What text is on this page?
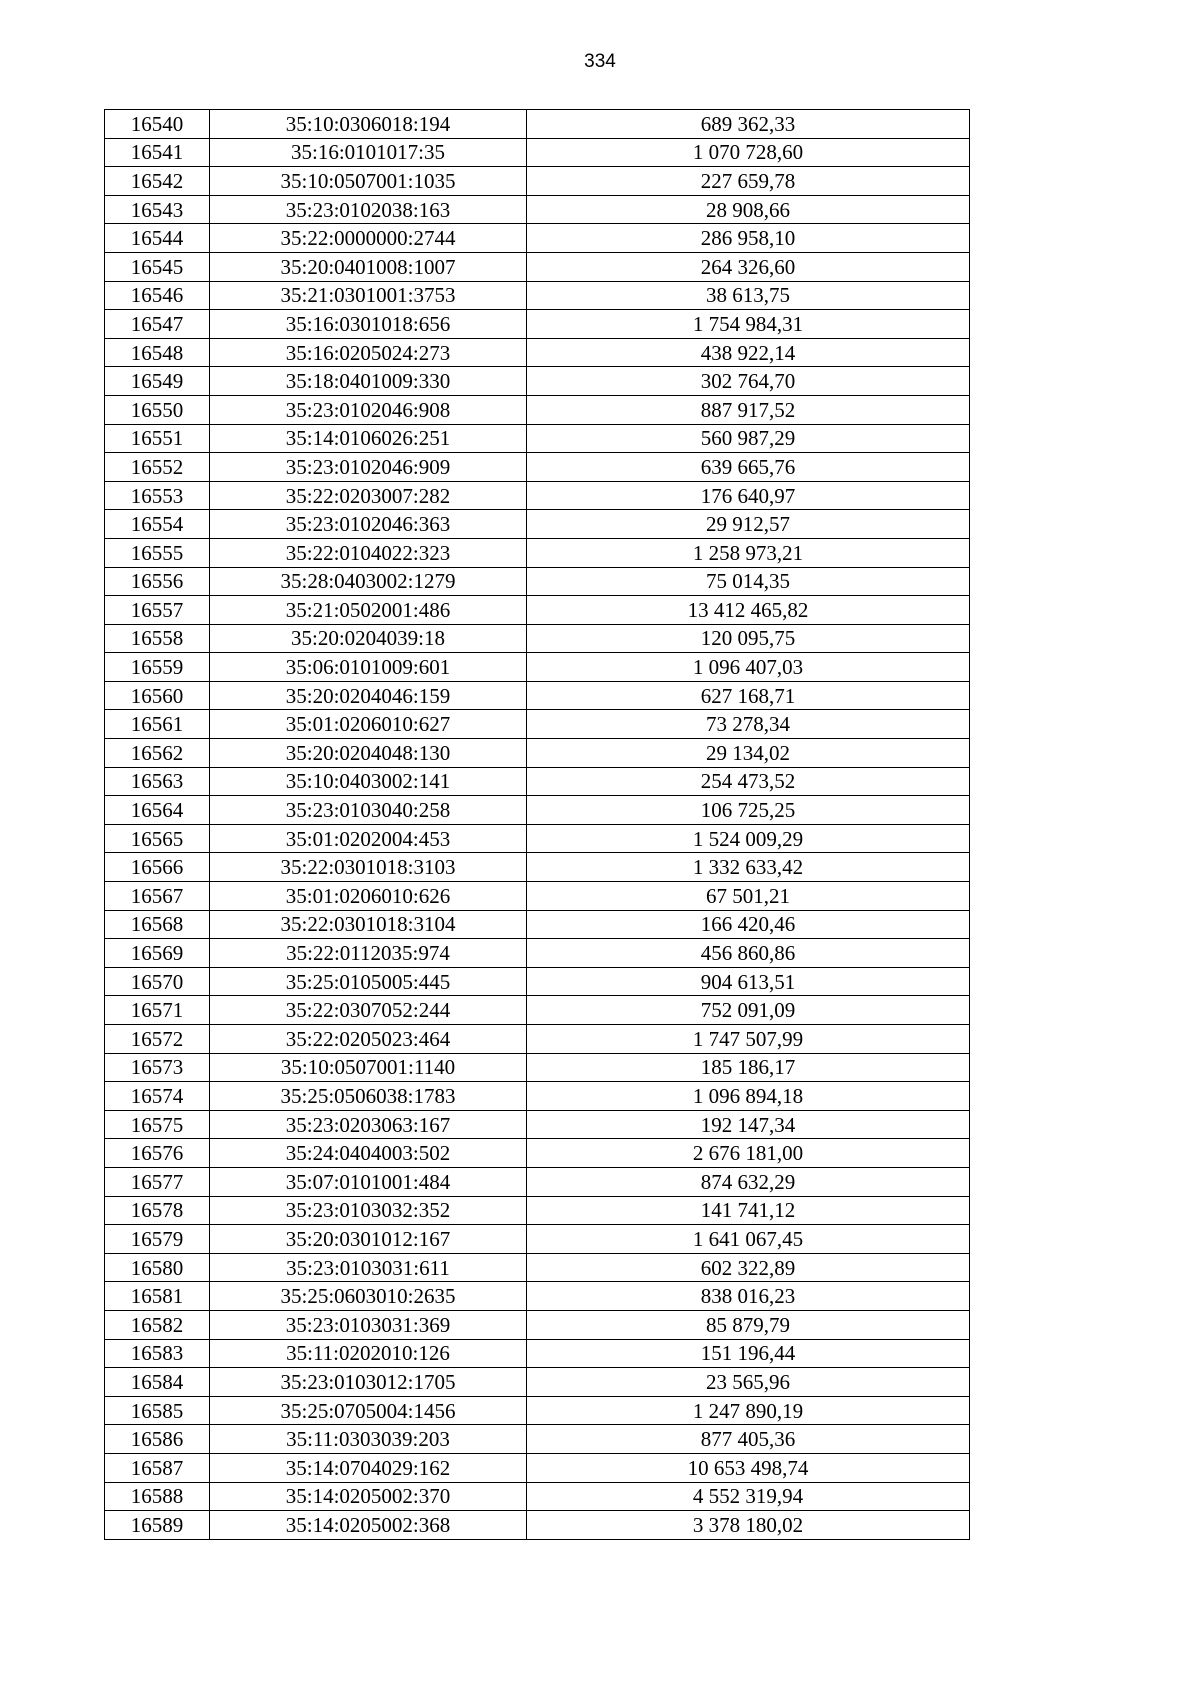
334
16540	35:10:0306018:194	689 362,33
16541	35:16:0101017:35	1 070 728,60
16542	35:10:0507001:1035	227 659,78
16543	35:23:0102038:163	28 908,66
16544	35:22:0000000:2744	286 958,10
16545	35:20:0401008:1007	264 326,60
16546	35:21:0301001:3753	38 613,75
16547	35:16:0301018:656	1 754 984,31
16548	35:16:0205024:273	438 922,14
16549	35:18:0401009:330	302 764,70
16550	35:23:0102046:908	887 917,52
16551	35:14:0106026:251	560 987,29
16552	35:23:0102046:909	639 665,76
16553	35:22:0203007:282	176 640,97
16554	35:23:0102046:363	29 912,57
16555	35:22:0104022:323	1 258 973,21
16556	35:28:0403002:1279	75 014,35
16557	35:21:0502001:486	13 412 465,82
16558	35:20:0204039:18	120 095,75
16559	35:06:0101009:601	1 096 407,03
16560	35:20:0204046:159	627 168,71
16561	35:01:0206010:627	73 278,34
16562	35:20:0204048:130	29 134,02
16563	35:10:0403002:141	254 473,52
16564	35:23:0103040:258	106 725,25
16565	35:01:0202004:453	1 524 009,29
16566	35:22:0301018:3103	1 332 633,42
16567	35:01:0206010:626	67 501,21
16568	35:22:0301018:3104	166 420,46
16569	35:22:0112035:974	456 860,86
16570	35:25:0105005:445	904 613,51
16571	35:22:0307052:244	752 091,09
16572	35:22:0205023:464	1 747 507,99
16573	35:10:0507001:1140	185 186,17
16574	35:25:0506038:1783	1 096 894,18
16575	35:23:0203063:167	192 147,34
16576	35:24:0404003:502	2 676 181,00
16577	35:07:0101001:484	874 632,29
16578	35:23:0103032:352	141 741,12
16579	35:20:0301012:167	1 641 067,45
16580	35:23:0103031:611	602 322,89
16581	35:25:0603010:2635	838 016,23
16582	35:23:0103031:369	85 879,79
16583	35:11:0202010:126	151 196,44
16584	35:23:0103012:1705	23 565,96
16585	35:25:0705004:1456	1 247 890,19
16586	35:11:0303039:203	877 405,36
16587	35:14:0704029:162	10 653 498,74
16588	35:14:0205002:370	4 552 319,94
16589	35:14:0205002:368	3 378 180,02
